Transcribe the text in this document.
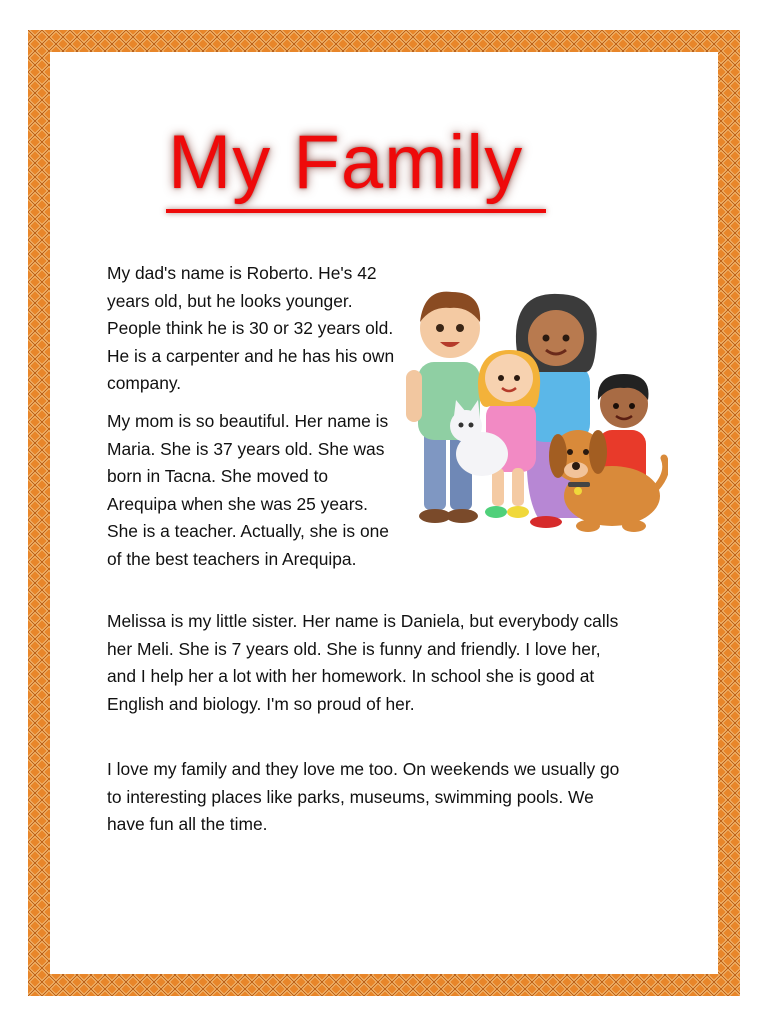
My Family

My dad's name is Roberto. He's 42 years old, but he looks younger. People think he is 30 or 32 years old. He is a carpenter and he has his own company.

My mom is so beautiful. Her name is Maria. She is 37 years old. She was born in Tacna. She moved to Arequipa when she was 25 years. She is a teacher. Actually, she is one of the best teachers in Arequipa.

Melissa is my little sister. Her name is Daniela, but everybody calls her Meli. She is 7 years old. She is funny and friendly. I love her, and I help her a lot with her homework. In school she is good at English and biology. I'm so proud of her.

I love my family and they love me too. On weekends we usually go to interesting places like parks, museums, swimming pools. We have fun all the time.
